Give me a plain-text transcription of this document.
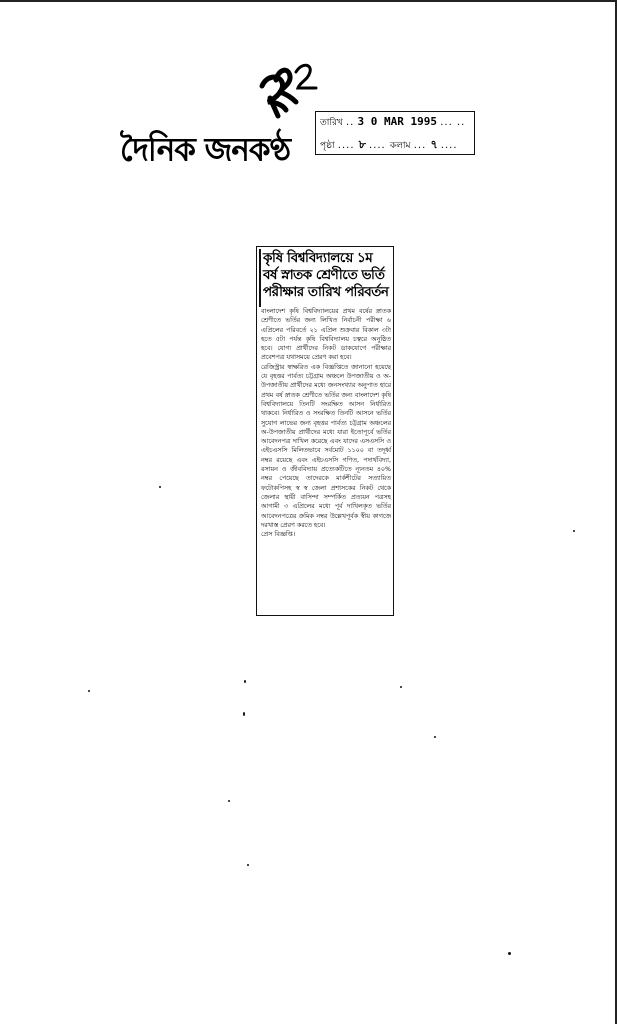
দৈনিক জনকণ্ঠ
তারিখ .. 3 0 MAR 1995 ... ..
পৃষ্ঠা .... ৮ .... কলাম ... ৭ ....
কৃষি বিশ্ববিদ্যালয়ে ১ম
বর্ষ স্নাতক শ্রেণীতে ভর্তি
পরীক্ষার তারিখ পরিবর্তন

বাংলাদেশ কৃষি বিশ্ববিদ্যালয়ের প্রথম বর্ষের স্নাতক শ্রেণীতে ভর্তির জন্য লিখিত নির্বাচনী পরীক্ষা ৬ এপ্রিলের পরিবর্তে ২১ এপ্রিল শুক্রবার বিকাল ৩টা হতে ৫টা পর্যন্ত কৃষি বিশ্ববিদ্যালয় চত্বরে অনুষ্ঠিত হবে। যোগ্য প্রার্থীদের নিকট ডাকযোগে পরীক্ষার প্রবেশপত্র যথাসময়ে প্রেরণ করা হবে।

রেজিস্ট্রার স্বাক্ষরিত এক বিজ্ঞপ্তিতে জানানো হয়েছে যে বৃহত্তর পার্বত্য চট্টগ্রাম অঞ্চলে উপজাতীয় ও অ-উপজাতীয় প্রার্থীদের মধ্যে জনসংখ্যার অনুপাত হারে প্রথম বর্ষ স্নাতক শ্রেণীতে ভর্তির জন্য বাংলাদেশ কৃষি বিশ্ববিদ্যালয়ে তিনটি সংরক্ষিত আসন নির্ধারিত থাকবে। নির্ধারিত ও সংরক্ষিত তিনটি আসনে ভর্তির সুযোগ লাভের জন্য বৃহত্তর পার্বত্য চট্টগ্রাম অঞ্চলের অ-উপজাতীয় প্রার্থীদের মধ্যে যারা ইতোপূর্বে ভর্তির আবেদনপত্র দাখিল করেছে এবং যাদের এসএসসি ও এইচএসসি মিলিতভাবে সর্বমোট ১১০০ বা তদূর্ধ্ব নম্বর রয়েছে এবং এইচএসসি গণিত, পদার্থবিদ্যা, রসায়ন ও জীববিদ্যায় প্রত্যেকটিতে ন্যূনতম ৪০% নম্বর পেয়েছে তাদেরকে মার্কশীটের সত্যায়িত ফটোকপিসহ স্ব স্ব জেলা প্রশাসকের নিকট থেকে জেলার স্থায়ী বাসিন্দা সম্পর্কিত প্রত্যয়ন পত্রসহ আগামী ৩ এপ্রিলের মধ্যে পূর্ব দাখিলকৃত ভর্তির আবেদনপত্রের ক্রমিক নম্বর উল্লেখপূর্বক স্বীয় কাগজে দরখাস্ত প্রেরণ করতে হবে।

প্রেস বিজ্ঞপ্তি।
